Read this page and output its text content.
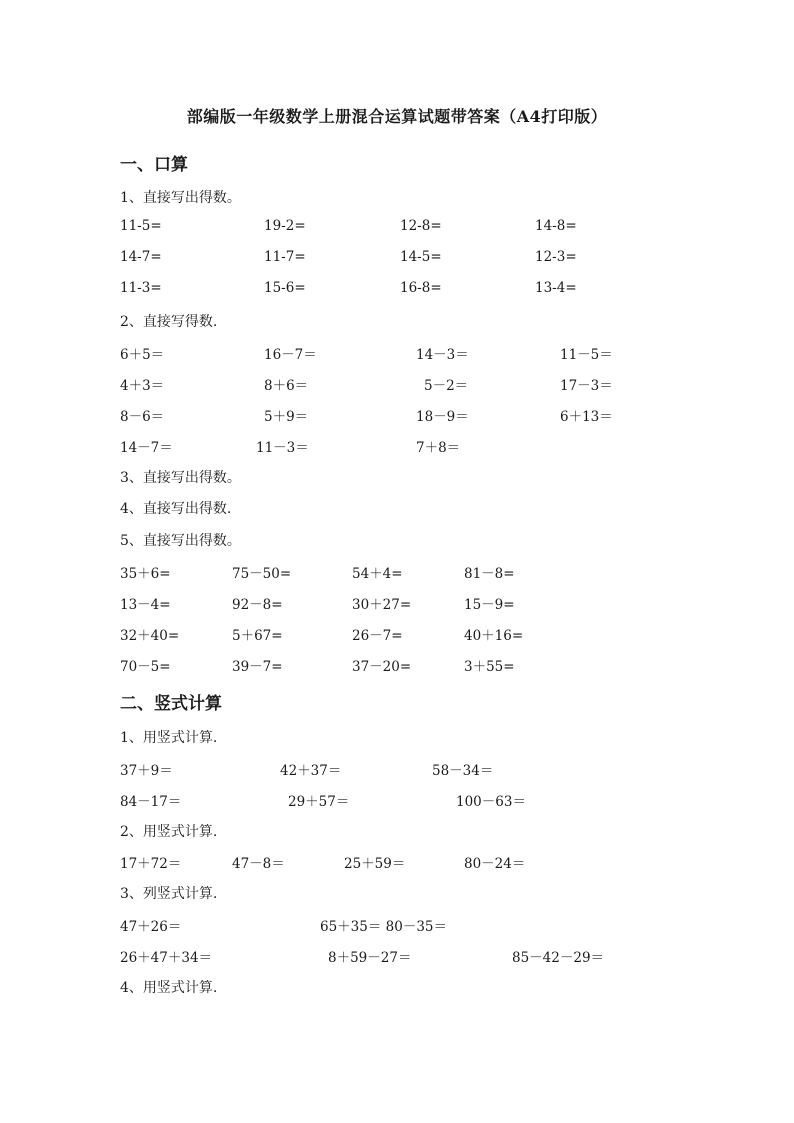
部编版一年级数学上册混合运算试题带答案（A4打印版）
一、口算
1、直接写出得数。
11-5=	19-2=	12-8=	14-8=
14-7=	11-7=	14-5=	12-3=
11-3=	15-6=	16-8=	13-4=
2、直接写得数.
6＋5＝	16－7＝	14－3＝	11－5＝
4＋3＝	8＋6＝	5－2＝	17－3＝
8－6＝	5＋9＝	18－9＝	6＋13＝
14－7＝	11－3＝	7＋8＝
3、直接写出得数。
4、直接写出得数.
5、直接写出得数。
35＋6=	75－50=	54＋4=	81－8=
13－4=	92－8=	30＋27=	15－9=
32＋40=	5＋67=	26－7=	40＋16=
70－5=	39－7=	37－20=	3＋55=
二、竖式计算
1、用竖式计算.
37＋9＝	42＋37＝	58－34＝
84－17＝	29＋57＝	100－63＝
2、用竖式计算.
17＋72＝	47－8＝	25＋59＝	80－24＝
3、列竖式计算.
47＋26＝	65＋35＝ 80－35＝
26＋47＋34＝	8＋59－27＝	85－42－29＝
4、用竖式计算.
